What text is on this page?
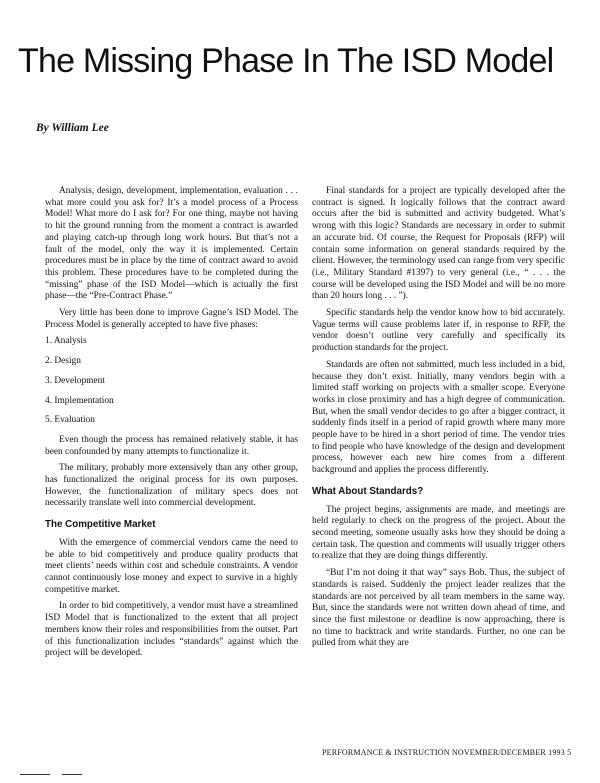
The Missing Phase In The ISD Model
By William Lee

Analysis, design, development, implementation, evaluation . . . what more could you ask for? It’s a model process of a Process Model! What more do I ask for? For one thing, maybe not having to hit the ground running from the moment a contract is awarded and playing catch-up through long work hours. But that’s not a fault of the model, only the way it is implemented. Certain procedures must be in place by the time of contract award to avoid this problem. These procedures have to be completed during the “missing” phase of the ISD Model—which is actually the first phase—the “Pre-Contract Phase.”

Very little has been done to improve Gagne’s ISD Model. The Process Model is generally accepted to have five phases:

1. Analysis
2. Design
3. Development
4. Implementation
5. Evaluation

Even though the process has remained relatively stable, it has been confounded by many attempts to functionalize it.

The military, probably more extensively than any other group, has functionalized the original process for its own purposes. However, the functionalization of military specs does not necessarily translate well into commercial development.

The Competitive Market

With the emergence of commercial vendors came the need to be able to bid competitively and produce quality products that meet clients’ needs within cost and schedule constraints. A vendor cannot continuously lose money and expect to survive in a highly competitive market.

In order to bid competitively, a vendor must have a streamlined ISD Model that is functionalized to the extent that all project members know their roles and responsibilities from the outset. Part of this functionalization includes “standards” against which the project will be developed.

Final standards for a project are typically developed after the contract is signed. It logically follows that the contract award occurs after the bid is submitted and activity budgeted. What’s wrong with this logic? Standards are necessary in order to submit an accurate bid. Of course, the Request for Proposals (RFP) will contain some information on general standards required by the client. However, the terminology used can range from very specific (i.e., Military Standard #1397) to very general (i.e., “ . . . the course will be developed using the ISD Model and will be no more than 20 hours long . . . ”).

Specific standards help the vendor know how to bid accurately. Vague terms will cause problems later if, in response to RFP, the vendor doesn’t outline very carefully and specifically its production standards for the project.

Standards are often not submitted, much less included in a bid, because they don’t exist. Initially, many vendors begin with a limited staff working on projects with a smaller scope. Everyone works in close proximity and has a high degree of communication. But, when the small vendor decides to go after a bigger contract, it suddenly finds itself in a period of rapid growth where many more people have to be hired in a short period of time. The vendor tries to find people who have knowledge of the design and development process, however each new hire comes from a different background and applies the process differently.

What About Standards?

The project begins, assignments are made, and meetings are held regularly to check on the progress of the project. About the second meeting, someone usually asks how they should be doing a certain task. The question and comments will usually trigger others to realize that they are doing things differently.

“But I’m not doing it that way” says Bob. Thus, the subject of standards is raised. Suddenly the project leader realizes that the standards are not perceived by all team members in the same way. But, since the standards were not written down ahead of time, and since the first milestone or deadline is now approaching, there is no time to backtrack and write standards. Further, no one can be pulled from what they are

PERFORMANCE & INSTRUCTION NOVEMBER/DECEMBER 1993 5
